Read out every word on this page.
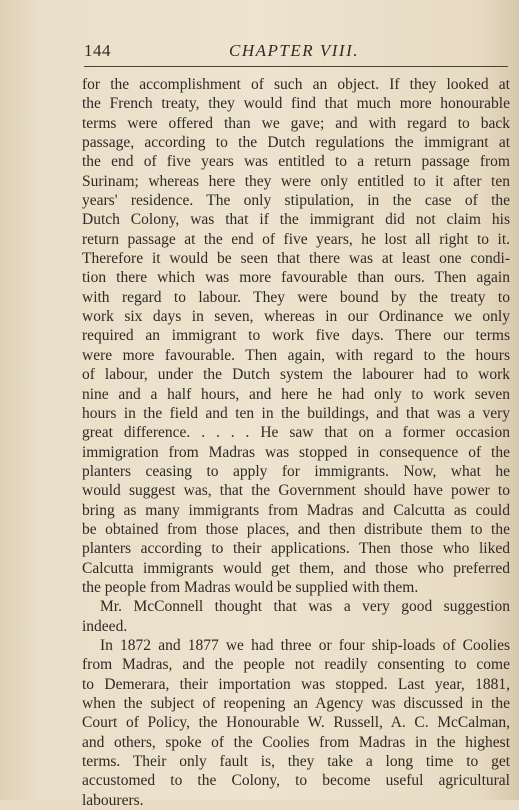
144	CHAPTER VIII.
for the accomplishment of such an object. If they looked at
the French treaty, they would find that much more honourable
terms were offered than we gave; and with regard to back
passage, according to the Dutch regulations the immigrant at
the end of five years was entitled to a return passage from
Surinam; whereas here they were only entitled to it after ten
years' residence. The only stipulation, in the case of the
Dutch Colony, was that if the immigrant did not claim his
return passage at the end of five years, he lost all right to it.
Therefore it would be seen that there was at least one condi-
tion there which was more favourable than ours. Then again
with regard to labour. They were bound by the treaty to
work six days in seven, whereas in our Ordinance we only
required an immigrant to work five days. There our terms
were more favourable. Then again, with regard to the hours
of labour, under the Dutch system the labourer had to work
nine and a half hours, and here he had only to work seven
hours in the field and ten in the buildings, and that was a very
great difference. . . . . He saw that on a former occasion
immigration from Madras was stopped in consequence of the
planters ceasing to apply for immigrants. Now, what he
would suggest was, that the Government should have power to
bring as many immigrants from Madras and Calcutta as could
be obtained from those places, and then distribute them to the
planters according to their applications. Then those who liked
Calcutta immigrants would get them, and those who preferred
the people from Madras would be supplied with them.
Mr. McConnell thought that was a very good suggestion
indeed.
In 1872 and 1877 we had three or four ship-loads of Coolies
from Madras, and the people not readily consenting to come
to Demerara, their importation was stopped. Last year, 1881,
when the subject of reopening an Agency was discussed in the
Court of Policy, the Honourable W. Russell, A. C. McCalman,
and others, spoke of the Coolies from Madras in the highest
terms. Their only fault is, they take a long time to get
accustomed to the Colony, to become useful agricultural
labourers.
